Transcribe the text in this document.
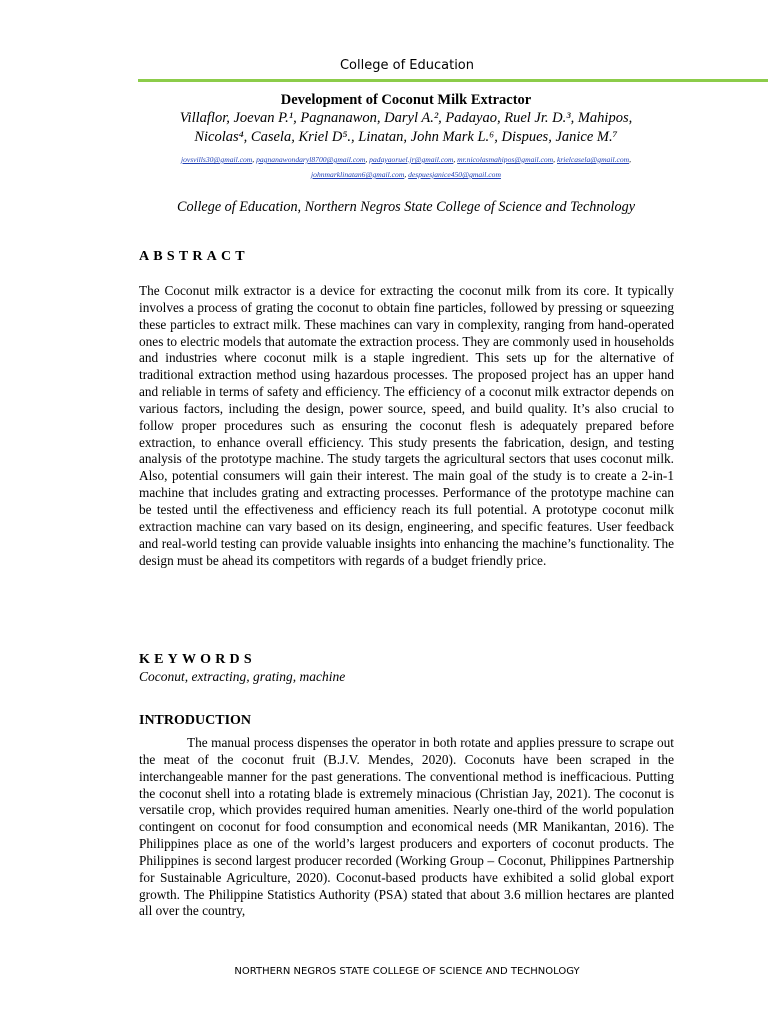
College of Education
Development of Coconut Milk Extractor
Villaflor, Joevan P.¹, Pagnanawon, Daryl A.², Padayao, Ruel Jr. D.³, Mahipos,
Nicolas⁴, Casela, Kriel D⁵., Linatan, John Mark L.⁶, Dispues, Janice M.⁷
jovsvills30@gmail.com, pagnanawondaryl8700@gmail.com, padayaoruel.jr@gmail.com, mr.nicolasmahipos@gmail.com, krielcasela@gmail.com,
johnmarklinatan6@gmail.com, despuesjanice450@gmail.com
College of Education, Northern Negros State College of Science and Technology
ABSTRACT
The Coconut milk extractor is a device for extracting the coconut milk from its core. It typically involves a process of grating the coconut to obtain fine particles, followed by pressing or squeezing these particles to extract milk. These machines can vary in complexity, ranging from hand-operated ones to electric models that automate the extraction process. They are commonly used in households and industries where coconut milk is a staple ingredient. This sets up for the alternative of traditional extraction method using hazardous processes. The proposed project has an upper hand and reliable in terms of safety and efficiency. The efficiency of a coconut milk extractor depends on various factors, including the design, power source, speed, and build quality. It’s also crucial to follow proper procedures such as ensuring the coconut flesh is adequately prepared before extraction, to enhance overall efficiency. This study presents the fabrication, design, and testing analysis of the prototype machine. The study targets the agricultural sectors that uses coconut milk. Also, potential consumers will gain their interest. The main goal of the study is to create a 2-in-1 machine that includes grating and extracting processes. Performance of the prototype machine can be tested until the effectiveness and efficiency reach its full potential. A prototype coconut milk extraction machine can vary based on its design, engineering, and specific features. User feedback and real-world testing can provide valuable insights into enhancing the machine’s functionality. The design must be ahead its competitors with regards of a budget friendly price.
KEYWORDS
Coconut, extracting, grating, machine
INTRODUCTION
The manual process dispenses the operator in both rotate and applies pressure to scrape out the meat of the coconut fruit (B.J.V. Mendes, 2020). Coconuts have been scraped in the interchangeable manner for the past generations. The conventional method is inefficacious. Putting the coconut shell into a rotating blade is extremely minacious (Christian Jay, 2021). The coconut is versatile crop, which provides required human amenities. Nearly one-third of the world population contingent on coconut for food consumption and economical needs (MR Manikantan, 2016). The Philippines place as one of the world’s largest producers and exporters of coconut products. The Philippines is second largest producer recorded (Working Group – Coconut, Philippines Partnership for Sustainable Agriculture, 2020). Coconut-based products have exhibited a solid global export growth. The Philippine Statistics Authority (PSA) stated that about 3.6 million hectares are planted all over the country,
NORTHERN NEGROS STATE COLLEGE OF SCIENCE AND TECHNOLOGY
